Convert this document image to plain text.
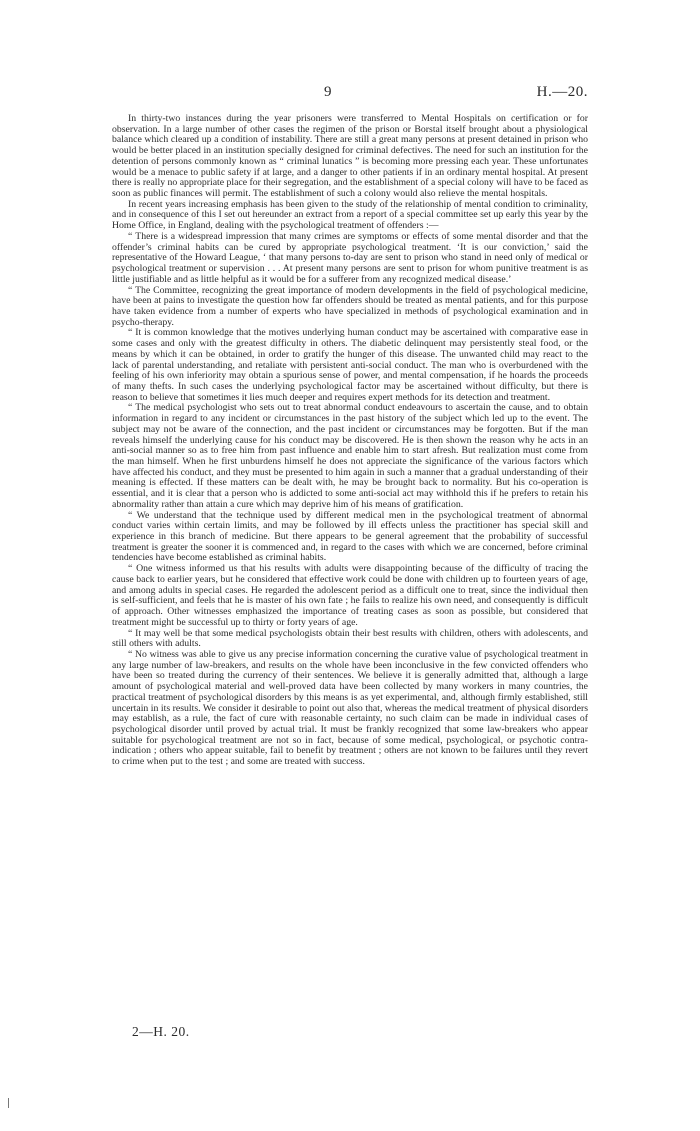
9	H.—20.

In thirty-two instances during the year prisoners were transferred to Mental Hospitals on certification or for observation. In a large number of other cases the regimen of the prison or Borstal itself brought about a physiological balance which cleared up a condition of instability. There are still a great many persons at present detained in prison who would be better placed in an institution specially designed for criminal defectives. The need for such an institution for the detention of persons commonly known as “ criminal lunatics ” is becoming more pressing each year. These unfortunates would be a menace to public safety if at large, and a danger to other patients if in an ordinary mental hospital. At present there is really no appropriate place for their segregation, and the establishment of a special colony will have to be faced as soon as public finances will permit. The establishment of such a colony would also relieve the mental hospitals.

In recent years increasing emphasis has been given to the study of the relationship of mental condition to criminality, and in consequence of this I set out hereunder an extract from a report of a special committee set up early this year by the Home Office, in England, dealing with the psychological treatment of offenders :—

“ There is a widespread impression that many crimes are symptoms or effects of some mental disorder and that the offender’s criminal habits can be cured by appropriate psychological treatment. ‘It is our conviction,’ said the representative of the Howard League, ‘ that many persons to-day are sent to prison who stand in need only of medical or psychological treatment or supervision . . . At present many persons are sent to prison for whom punitive treatment is as little justifiable and as little helpful as it would be for a sufferer from any recognized medical disease.’

“ The Committee, recognizing the great importance of modern developments in the field of psychological medicine, have been at pains to investigate the question how far offenders should be treated as mental patients, and for this purpose have taken evidence from a number of experts who have specialized in methods of psychological examination and in psycho-therapy.

“ It is common knowledge that the motives underlying human conduct may be ascertained with comparative ease in some cases and only with the greatest difficulty in others. The diabetic delinquent may persistently steal food, or the means by which it can be obtained, in order to gratify the hunger of this disease. The unwanted child may react to the lack of parental understanding, and retaliate with persistent anti-social conduct. The man who is overburdened with the feeling of his own inferiority may obtain a spurious sense of power, and mental compensation, if he hoards the proceeds of many thefts. In such cases the underlying psychological factor may be ascertained without difficulty, but there is reason to believe that sometimes it lies much deeper and requires expert methods for its detection and treatment.

“ The medical psychologist who sets out to treat abnormal conduct endeavours to ascertain the cause, and to obtain information in regard to any incident or circumstances in the past history of the subject which led up to the event. The subject may not be aware of the connection, and the past incident or circumstances may be forgotten. But if the man reveals himself the underlying cause for his conduct may be discovered. He is then shown the reason why he acts in an anti-social manner so as to free him from past influence and enable him to start afresh. But realization must come from the man himself. When he first unburdens himself he does not appreciate the significance of the various factors which have affected his conduct, and they must be presented to him again in such a manner that a gradual understanding of their meaning is effected. If these matters can be dealt with, he may be brought back to normality. But his co-operation is essential, and it is clear that a person who is addicted to some anti-social act may withhold this if he prefers to retain his abnormality rather than attain a cure which may deprive him of his means of gratification.

“ We understand that the technique used by different medical men in the psychological treatment of abnormal conduct varies within certain limits, and may be followed by ill effects unless the practitioner has special skill and experience in this branch of medicine. But there appears to be general agreement that the probability of successful treatment is greater the sooner it is commenced and, in regard to the cases with which we are concerned, before criminal tendencies have become established as criminal habits.

“ One witness informed us that his results with adults were disappointing because of the difficulty of tracing the cause back to earlier years, but he considered that effective work could be done with children up to fourteen years of age, and among adults in special cases. He regarded the adolescent period as a difficult one to treat, since the individual then is self-sufficient, and feels that he is master of his own fate ; he fails to realize his own need, and consequently is difficult of approach. Other witnesses emphasized the importance of treating cases as soon as possible, but considered that treatment might be successful up to thirty or forty years of age.

“ It may well be that some medical psychologists obtain their best results with children, others with adolescents, and still others with adults.

“ No witness was able to give us any precise information concerning the curative value of psychological treatment in any large number of law-breakers, and results on the whole have been inconclusive in the few convicted offenders who have been so treated during the currency of their sentences. We believe it is generally admitted that, although a large amount of psychological material and well-proved data have been collected by many workers in many countries, the practical treatment of psychological disorders by this means is as yet experimental, and, although firmly established, still uncertain in its results. We consider it desirable to point out also that, whereas the medical treatment of physical disorders may establish, as a rule, the fact of cure with reasonable certainty, no such claim can be made in individual cases of psychological disorder until proved by actual trial. It must be frankly recognized that some law-breakers who appear suitable for psychological treatment are not so in fact, because of some medical, psychological, or psychotic contra-indication ; others who appear suitable, fail to benefit by treatment ; others are not known to be failures until they revert to crime when put to the test ; and some are treated with success.

2—H. 20.
